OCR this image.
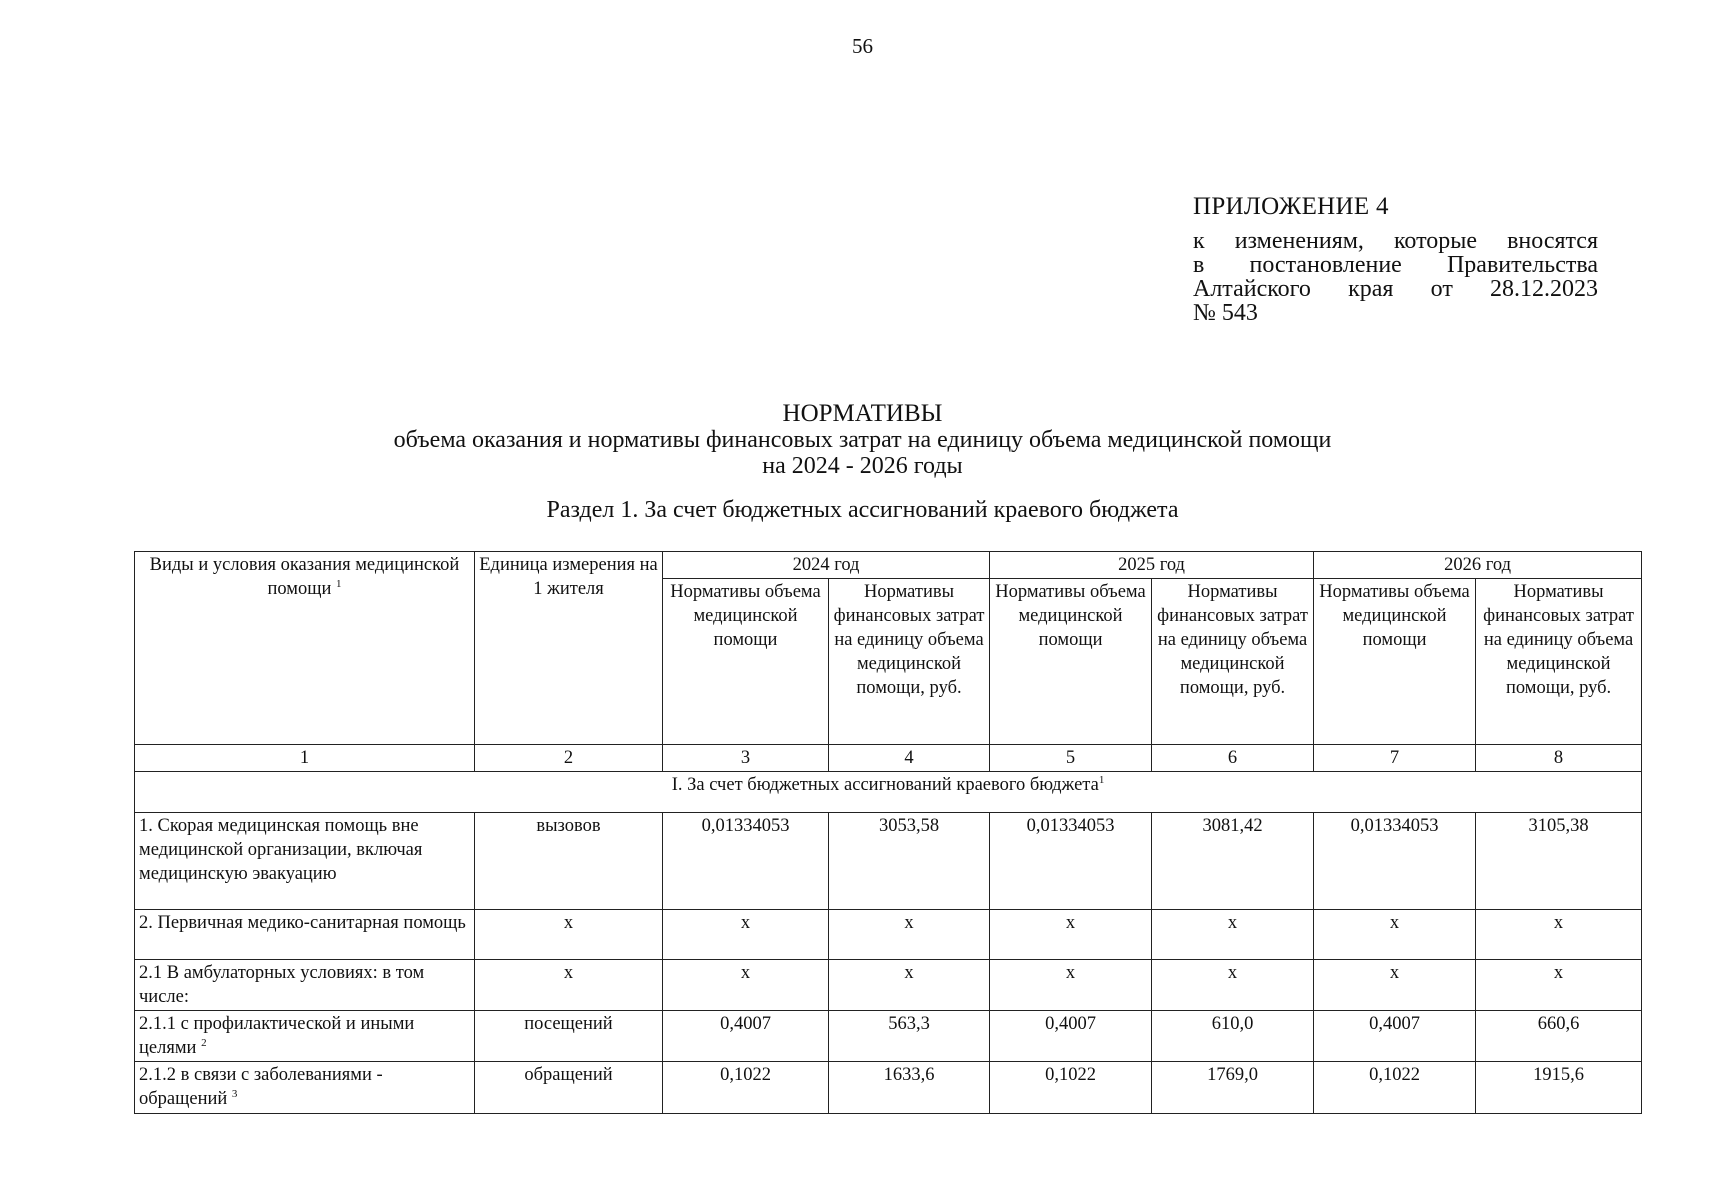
56
ПРИЛОЖЕНИЕ 4
к изменениям, которые вносятся
в постановление Правительства
Алтайского края от 28.12.2023
№ 543
НОРМАТИВЫ
объема оказания и нормативы финансовых затрат на единицу объема медицинской помощи
на 2024 - 2026 годы
Раздел 1. За счет бюджетных ассигнований краевого бюджета
Виды и условия оказания медицинской помощи $^1$	Единица измерения на 1 жителя	2024 год		2025 год		2026 год	
		Нормативы объема медицинской помощи	Нормативы финансовых затрат на единицу объема медицинской помощи, руб.	Нормативы объема медицинской помощи	Нормативы финансовых затрат на единицу объема медицинской помощи, руб.	Нормативы объема медицинской помощи	Нормативы финансовых затрат на единицу объема медицинской помощи, руб.
1	2	3	4	5	6	7	8
I. За счет бюджетных ассигнований краевого бюджета$^1$
1. Скорая медицинская помощь вне медицинской организации, включая медицинскую эвакуацию	вызовов	0,01334053	3053,58	0,01334053	3081,42	0,01334053	3105,38
2. Первичная медико-санитарная помощь	х	х	х	х	х	х	х
2.1 В амбулаторных условиях: в том числе:	х	х	х	х	х	х	х
2.1.1 с профилактической и иными целями $^2$	посещений	0,4007	563,3	0,4007	610,0	0,4007	660,6
2.1.2 в связи с заболеваниями - обращений $^3$	обращений	0,1022	1633,6	0,1022	1769,0	0,1022	1915,6
